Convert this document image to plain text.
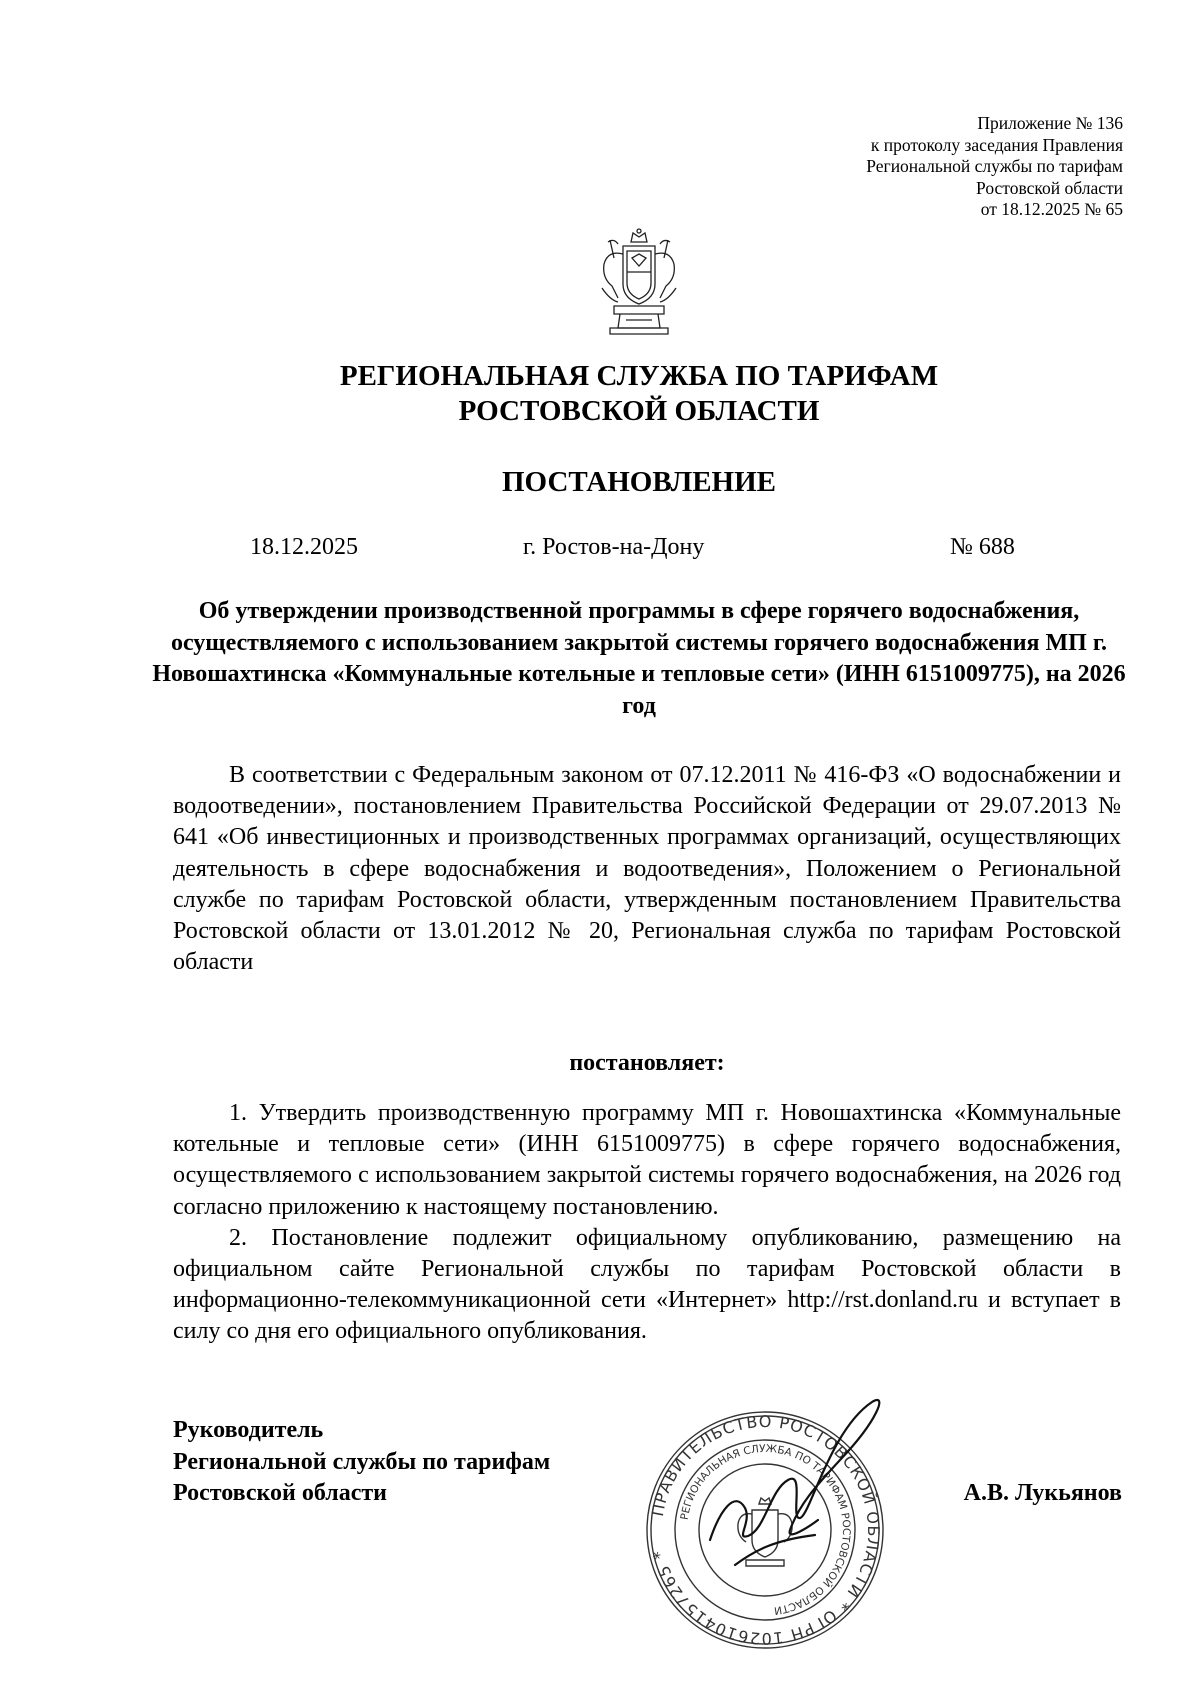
Приложение № 136
к протоколу заседания Правления
Региональной службы по тарифам
Ростовской области
от 18.12.2025 № 65
РЕГИОНАЛЬНАЯ СЛУЖБА ПО ТАРИФАМ
РОСТОВСКОЙ ОБЛАСТИ
ПОСТАНОВЛЕНИЕ
18.12.2025	г. Ростов-на-Дону	№ 688
Об утверждении производственной программы в сфере горячего водоснабжения, осуществляемого с использованием закрытой системы горячего водоснабжения МП г. Новошахтинска «Коммунальные котельные и тепловые сети» (ИНН 6151009775), на 2026 год

В соответствии с Федеральным законом от 07.12.2011 № 416-ФЗ «О водоснабжении и водоотведении», постановлением Правительства Российской Федерации от 29.07.2013 № 641 «Об инвестиционных и производственных программах организаций, осуществляющих деятельность в сфере водоснабжения и водоотведения», Положением о Региональной службе по тарифам Ростовской области, утвержденным постановлением Правительства Ростовской области от 13.01.2012 № 20, Региональная служба по тарифам Ростовской области

постановляет:

1. Утвердить производственную программу МП г. Новошахтинска «Коммунальные котельные и тепловые сети» (ИНН 6151009775) в сфере горячего водоснабжения, осуществляемого с использованием закрытой системы горячего водоснабжения, на 2026 год согласно приложению к настоящему постановлению.

2. Постановление подлежит официальному опубликованию, размещению на официальном сайте Региональной службы по тарифам Ростовской области в информационно-телекоммуникационной сети «Интернет» http://rst.donland.ru и вступает в силу со дня его официального опубликования.

Руководитель
Региональной службы по тарифам
Ростовской области
ПРАВИТЕЛЬСТВО РОСТОВСКОЙ ОБЛАСТИ * ОГРН 1026104157265 *
РЕГИОНАЛЬНАЯ СЛУЖБА ПО ТАРИФАМ РОСТОВСКОЙ ОБЛАСТИ
А.В. Лукьянов
